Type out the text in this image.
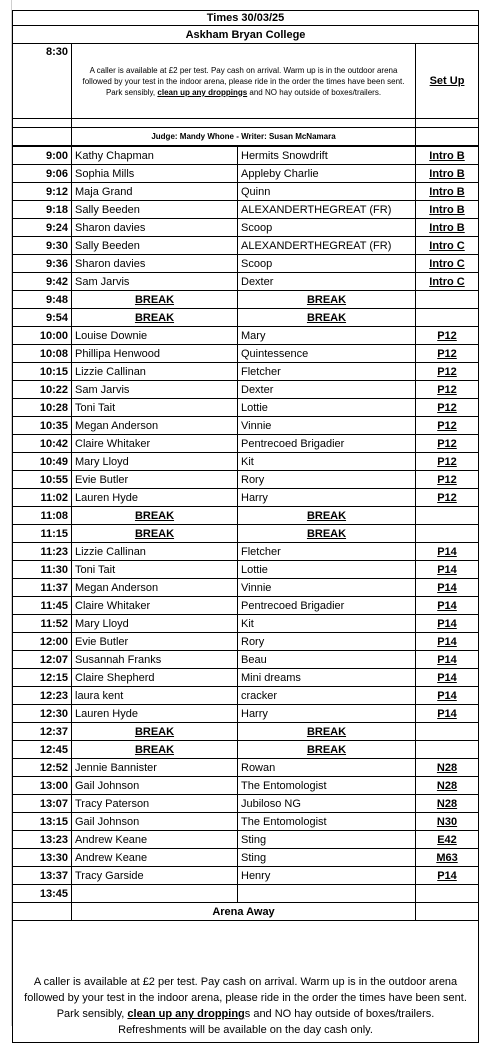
Times 30/03/25			
Askham Bryan College			
8:30	A caller is available at £2 per test. Pay cash on arrival. Warm up is in the outdoor arena followed by your test in the indoor arena, please ride in the order the times have been sent.
Park sensibly, clean up any droppings and NO hay outside of boxes/trailers.		Set Up

	Judge: Mandy Whone - Writer: Susan McNamara		
9:00	Kathy Chapman	Hermits Snowdrift	Intro B
9:06	Sophia Mills	Appleby Charlie	Intro B
9:12	Maja Grand	Quinn	Intro B
9:18	Sally Beeden	ALEXANDERTHEGREAT (FR)	Intro B
9:24	Sharon davies	Scoop	Intro B
9:30	Sally Beeden	ALEXANDERTHEGREAT (FR)	Intro C
9:36	Sharon davies	Scoop	Intro C
9:42	Sam Jarvis	Dexter	Intro C
9:48	BREAK	BREAK	
9:54	BREAK	BREAK	
10:00	Louise Downie	Mary	P12
10:08	Phillipa Henwood	Quintessence	P12
10:15	Lizzie Callinan	Fletcher	P12
10:22	Sam Jarvis	Dexter	P12
10:28	Toni Tait	Lottie	P12
10:35	Megan Anderson	Vinnie	P12
10:42	Claire Whitaker	Pentrecoed Brigadier	P12
10:49	Mary Lloyd	Kit	P12
10:55	Evie Butler	Rory	P12
11:02	Lauren Hyde	Harry	P12
11:08	BREAK	BREAK	
11:15	BREAK	BREAK	
11:23	Lizzie Callinan	Fletcher	P14
11:30	Toni Tait	Lottie	P14
11:37	Megan Anderson	Vinnie	P14
11:45	Claire Whitaker	Pentrecoed Brigadier	P14
11:52	Mary Lloyd	Kit	P14
12:00	Evie Butler	Rory	P14
12:07	Susannah Franks	Beau	P14
12:15	Claire Shepherd	Mini dreams	P14
12:23	laura kent	cracker	P14
12:30	Lauren Hyde	Harry	P14
12:37	BREAK	BREAK	
12:45	BREAK	BREAK	
12:52	Jennie Bannister	Rowan	N28
13:00	Gail Johnson	The Entomologist	N28
13:07	Tracy Paterson	Jubiloso NG	N28
13:15	Gail Johnson	The Entomologist	N30
13:23	Andrew Keane	Sting	E42
13:30	Andrew Keane	Sting	M63
13:37	Tracy Garside	Henry	P14
13:45			
	Arena Away		
A caller is available at £2 per test. Pay cash on arrival. Warm up is in the outdoor arena followed by your test in the indoor arena, please ride in the order the times have been sent.
Park sensibly, clean up any droppings and NO hay outside of boxes/trailers.
Refreshments will be available on the day cash only.			
